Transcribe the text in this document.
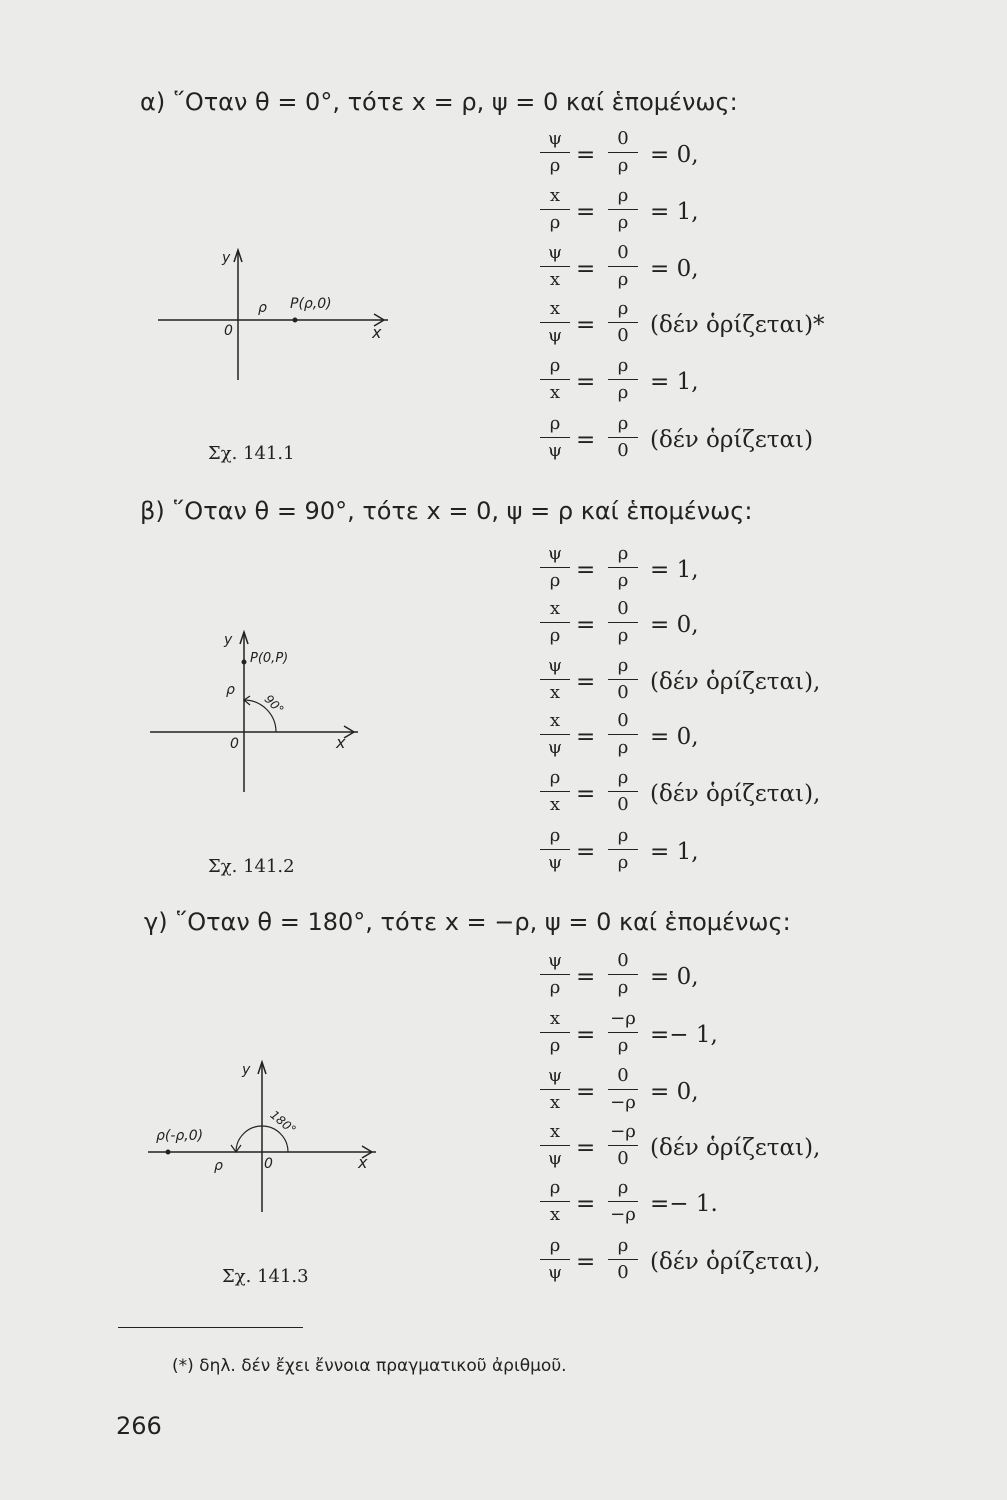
α) ῞Οταν θ = 0°, τότε x = ρ, ψ = 0 καί ἑπομένως:
ψ
ρ =
0
ρ = 0,
x
ρ =
ρ
ρ = 1,
ψ
x =
0
ρ = 0,
x
ψ =
ρ
0 (δέν ὁρίζεται)*
ρ
x =
ρ
ρ = 1,
ρ
ψ =
ρ
0 (δέν ὁρίζεται)
y
0
ρ P(ρ,0)
x
Σχ. 141.1
β) ῞Οταν θ = 90°, τότε x = 0, ψ = ρ καί ἑπομένως:
ψ
ρ =
ρ
ρ = 1,
x
ρ =
0
ρ = 0,
ψ
x =
ρ
0 (δέν ὁρίζεται),
x
ψ =
0
ρ = 0,
ρ
x =
ρ
0 (δέν ὁρίζεται),
ρ
ψ =
ρ
ρ = 1,
y
P(0,P)
ρ
90°
0	x
Σχ. 141.2
γ) ῞Οταν θ = 180°, τότε x = −ρ, ψ = 0 καί ἑπομένως:
ψ
ρ =
0
ρ = 0,
x
ρ =
−ρ
ρ =− 1,
ψ
x =
0
−ρ = 0,
x
ψ =
−ρ
0 (δέν ὁρίζεται),
ρ
x =
ρ
−ρ =− 1.
ρ
ψ =
ρ
0 (δέν ὁρίζεται),
y
ρ(-ρ,0)	180°
ρ	0	x
Σχ. 141.3
(*) δηλ. δέν ἔχει ἔννοια πραγματικοῦ ἀριθμοῦ.
266
